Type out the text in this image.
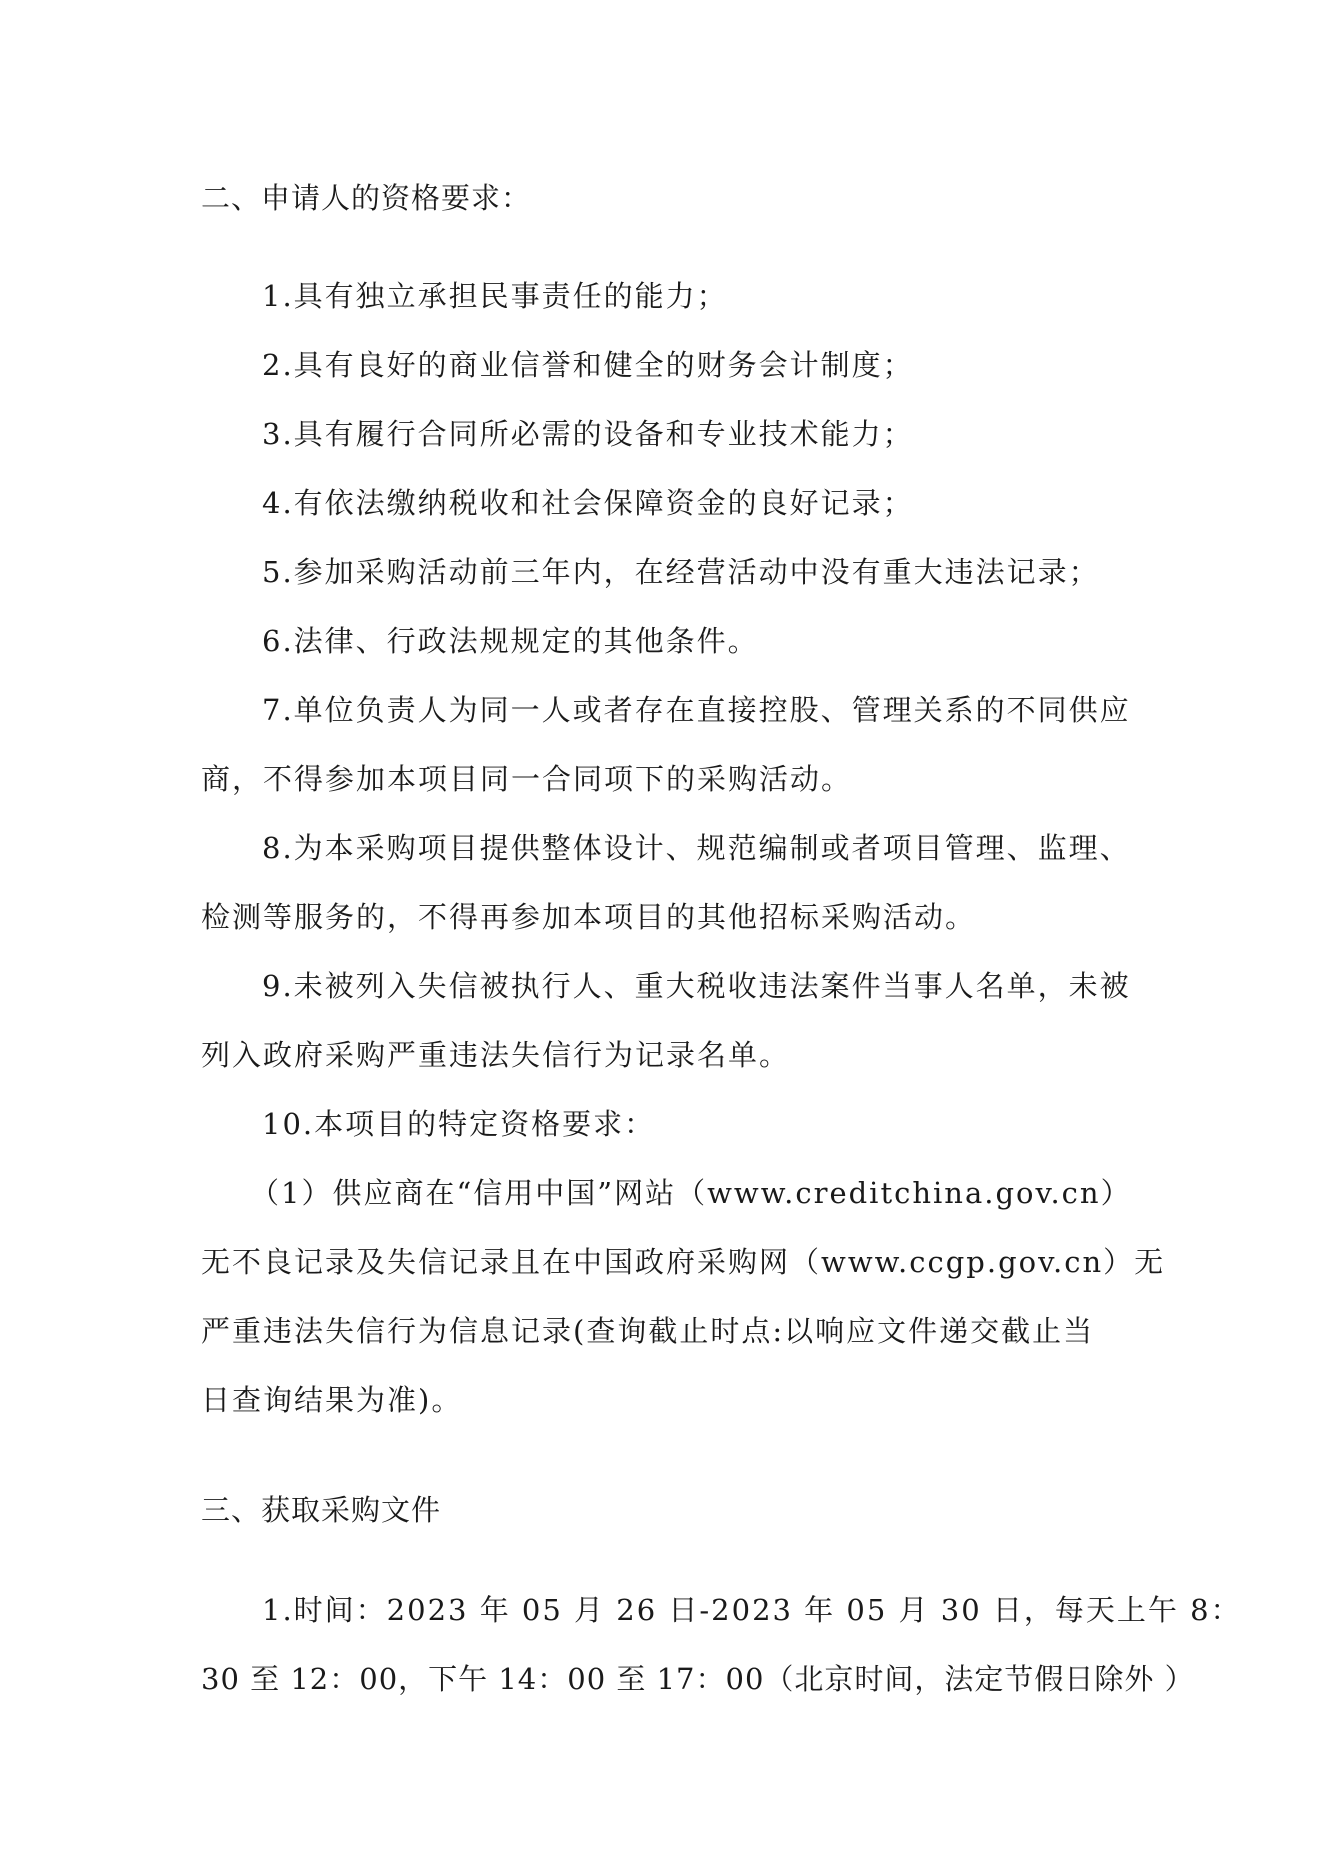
二、申请人的资格要求：
1.具有独立承担民事责任的能力；
2.具有良好的商业信誉和健全的财务会计制度；
3.具有履行合同所必需的设备和专业技术能力；
4.有依法缴纳税收和社会保障资金的良好记录；
5.参加采购活动前三年内，在经营活动中没有重大违法记录；
6.法律、行政法规规定的其他条件。
7.单位负责人为同一人或者存在直接控股、管理关系的不同供应
商，不得参加本项目同一合同项下的采购活动。
8.为本采购项目提供整体设计、规范编制或者项目管理、监理、
检测等服务的，不得再参加本项目的其他招标采购活动。
9.未被列入失信被执行人、重大税收违法案件当事人名单，未被
列入政府采购严重违法失信行为记录名单。
10.本项目的特定资格要求：
（1）供应商在“信用中国”网站（www.creditchina.gov.cn）
无不良记录及失信记录且在中国政府采购网（www.ccgp.gov.cn）无
严重违法失信行为信息记录(查询截止时点:以响应文件递交截止当
日查询结果为准)。
三、获取采购文件
1.时间：2023 年 05 月 26 日-2023 年 05 月 30 日，每天上午 8：
30 至 12：00，下午 14：00 至 17：00（北京时间，法定节假日除外 ）
